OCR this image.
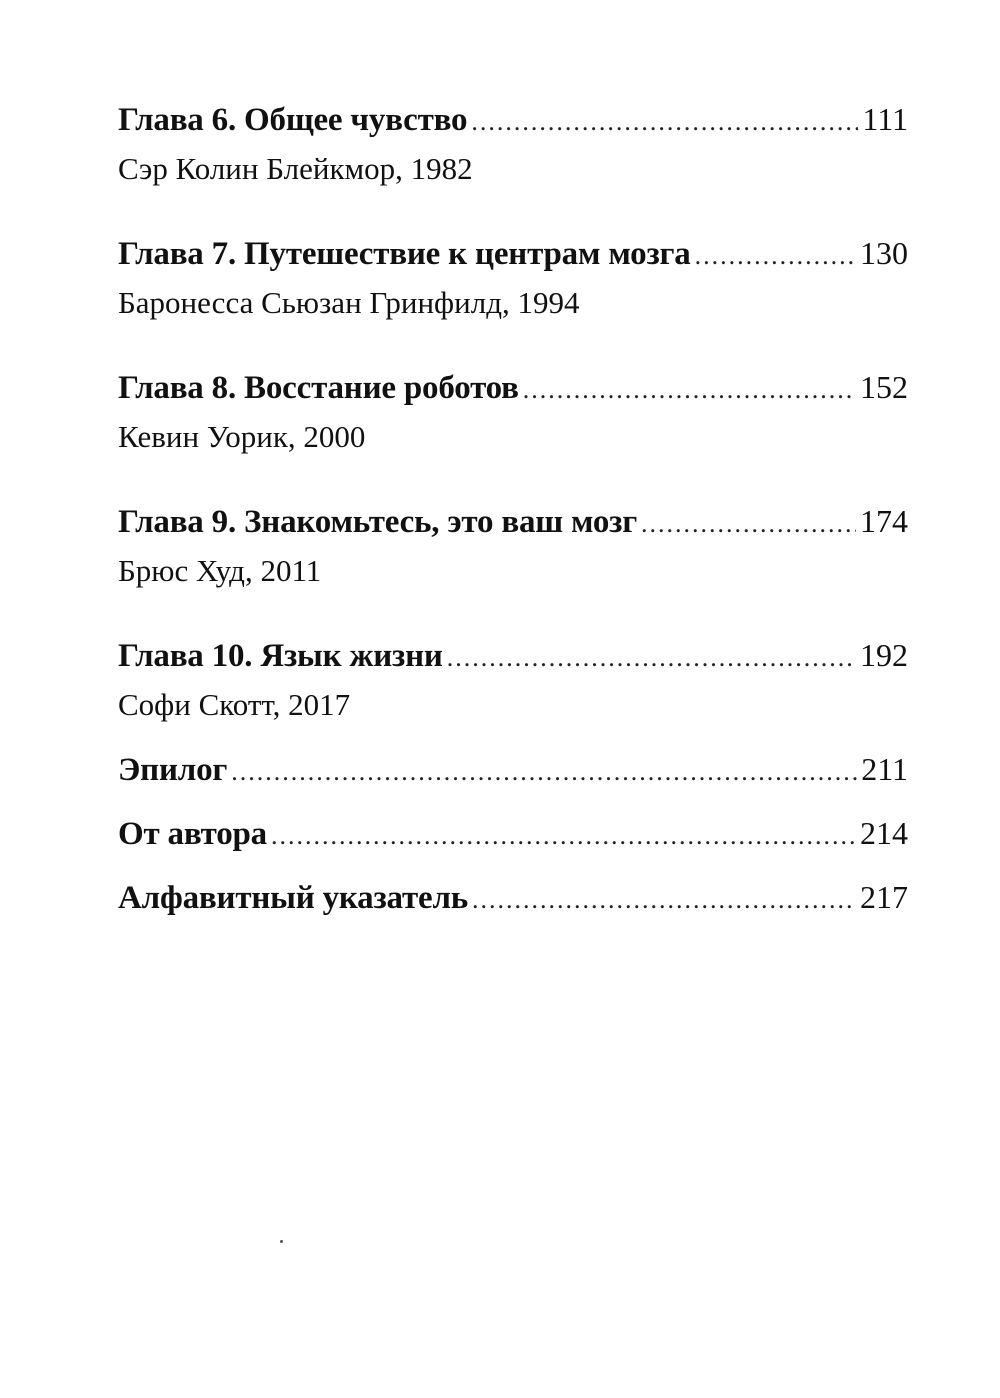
Глава 6. Общее чувство .....	111
Сэр Колин Блейкмор, 1982
Глава 7. Путешествие к центрам мозга .....	130
Баронесса Сьюзан Гринфилд, 1994
Глава 8. Восстание роботов .....	152
Кевин Уорик, 2000
Глава 9. Знакомьтесь, это ваш мозг .....	174
Брюс Худ, 2011
Глава 10. Язык жизни .....	192
Софи Скотт, 2017
Эпилог .....	211
От автора .....	214
Алфавитный указатель .....	217
